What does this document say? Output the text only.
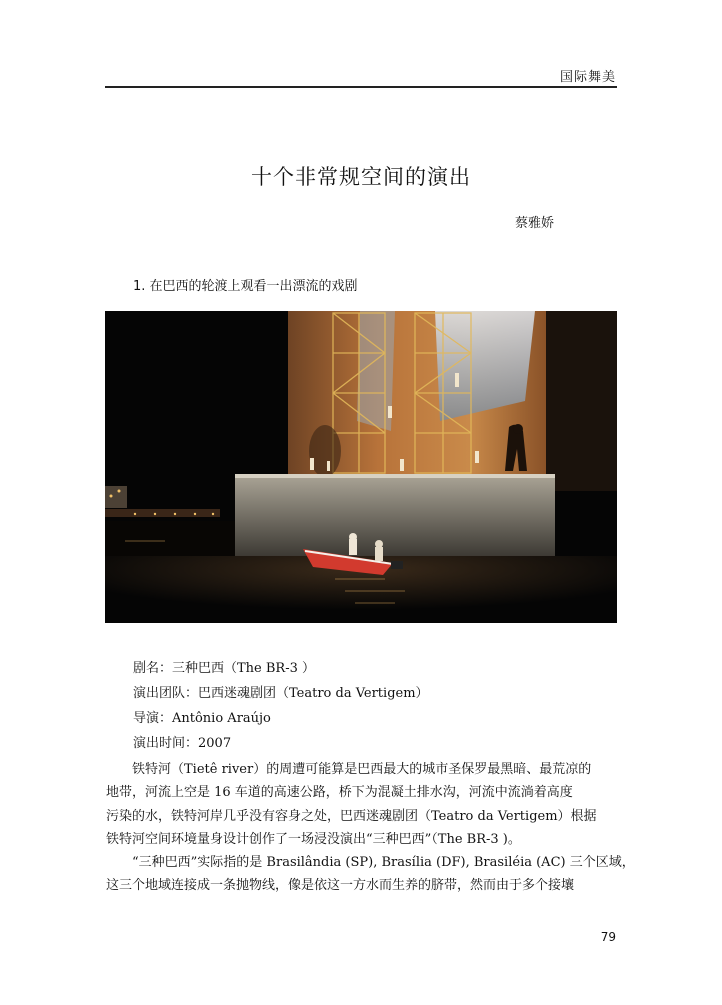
国际舞美
十个非常规空间的演出
蔡雅娇
1. 在巴西的轮渡上观看一出漂流的戏剧
剧名：三种巴西（The BR-3 ）
演出团队：巴西迷魂剧团（Teatro da Vertigem）
导演：Antônio Araújo
演出时间：2007
铁特河（Tietê river）的周遭可能算是巴西最大的城市圣保罗最黑暗、最荒凉的
地带，河流上空是 16 车道的高速公路，桥下为混凝土排水沟，河流中流淌着高度
污染的水，铁特河岸几乎没有容身之处，巴西迷魂剧团（Teatro da Vertigem）根据
铁特河空间环境量身设计创作了一场浸没演出“三种巴西”（The BR-3 )。
“三种巴西”实际指的是 Brasilândia (SP), Brasília (DF), Brasiléia (AC) 三个区域，
这三个地域连接成一条抛物线，像是依这一方水而生养的脐带，然而由于多个接壤
79
